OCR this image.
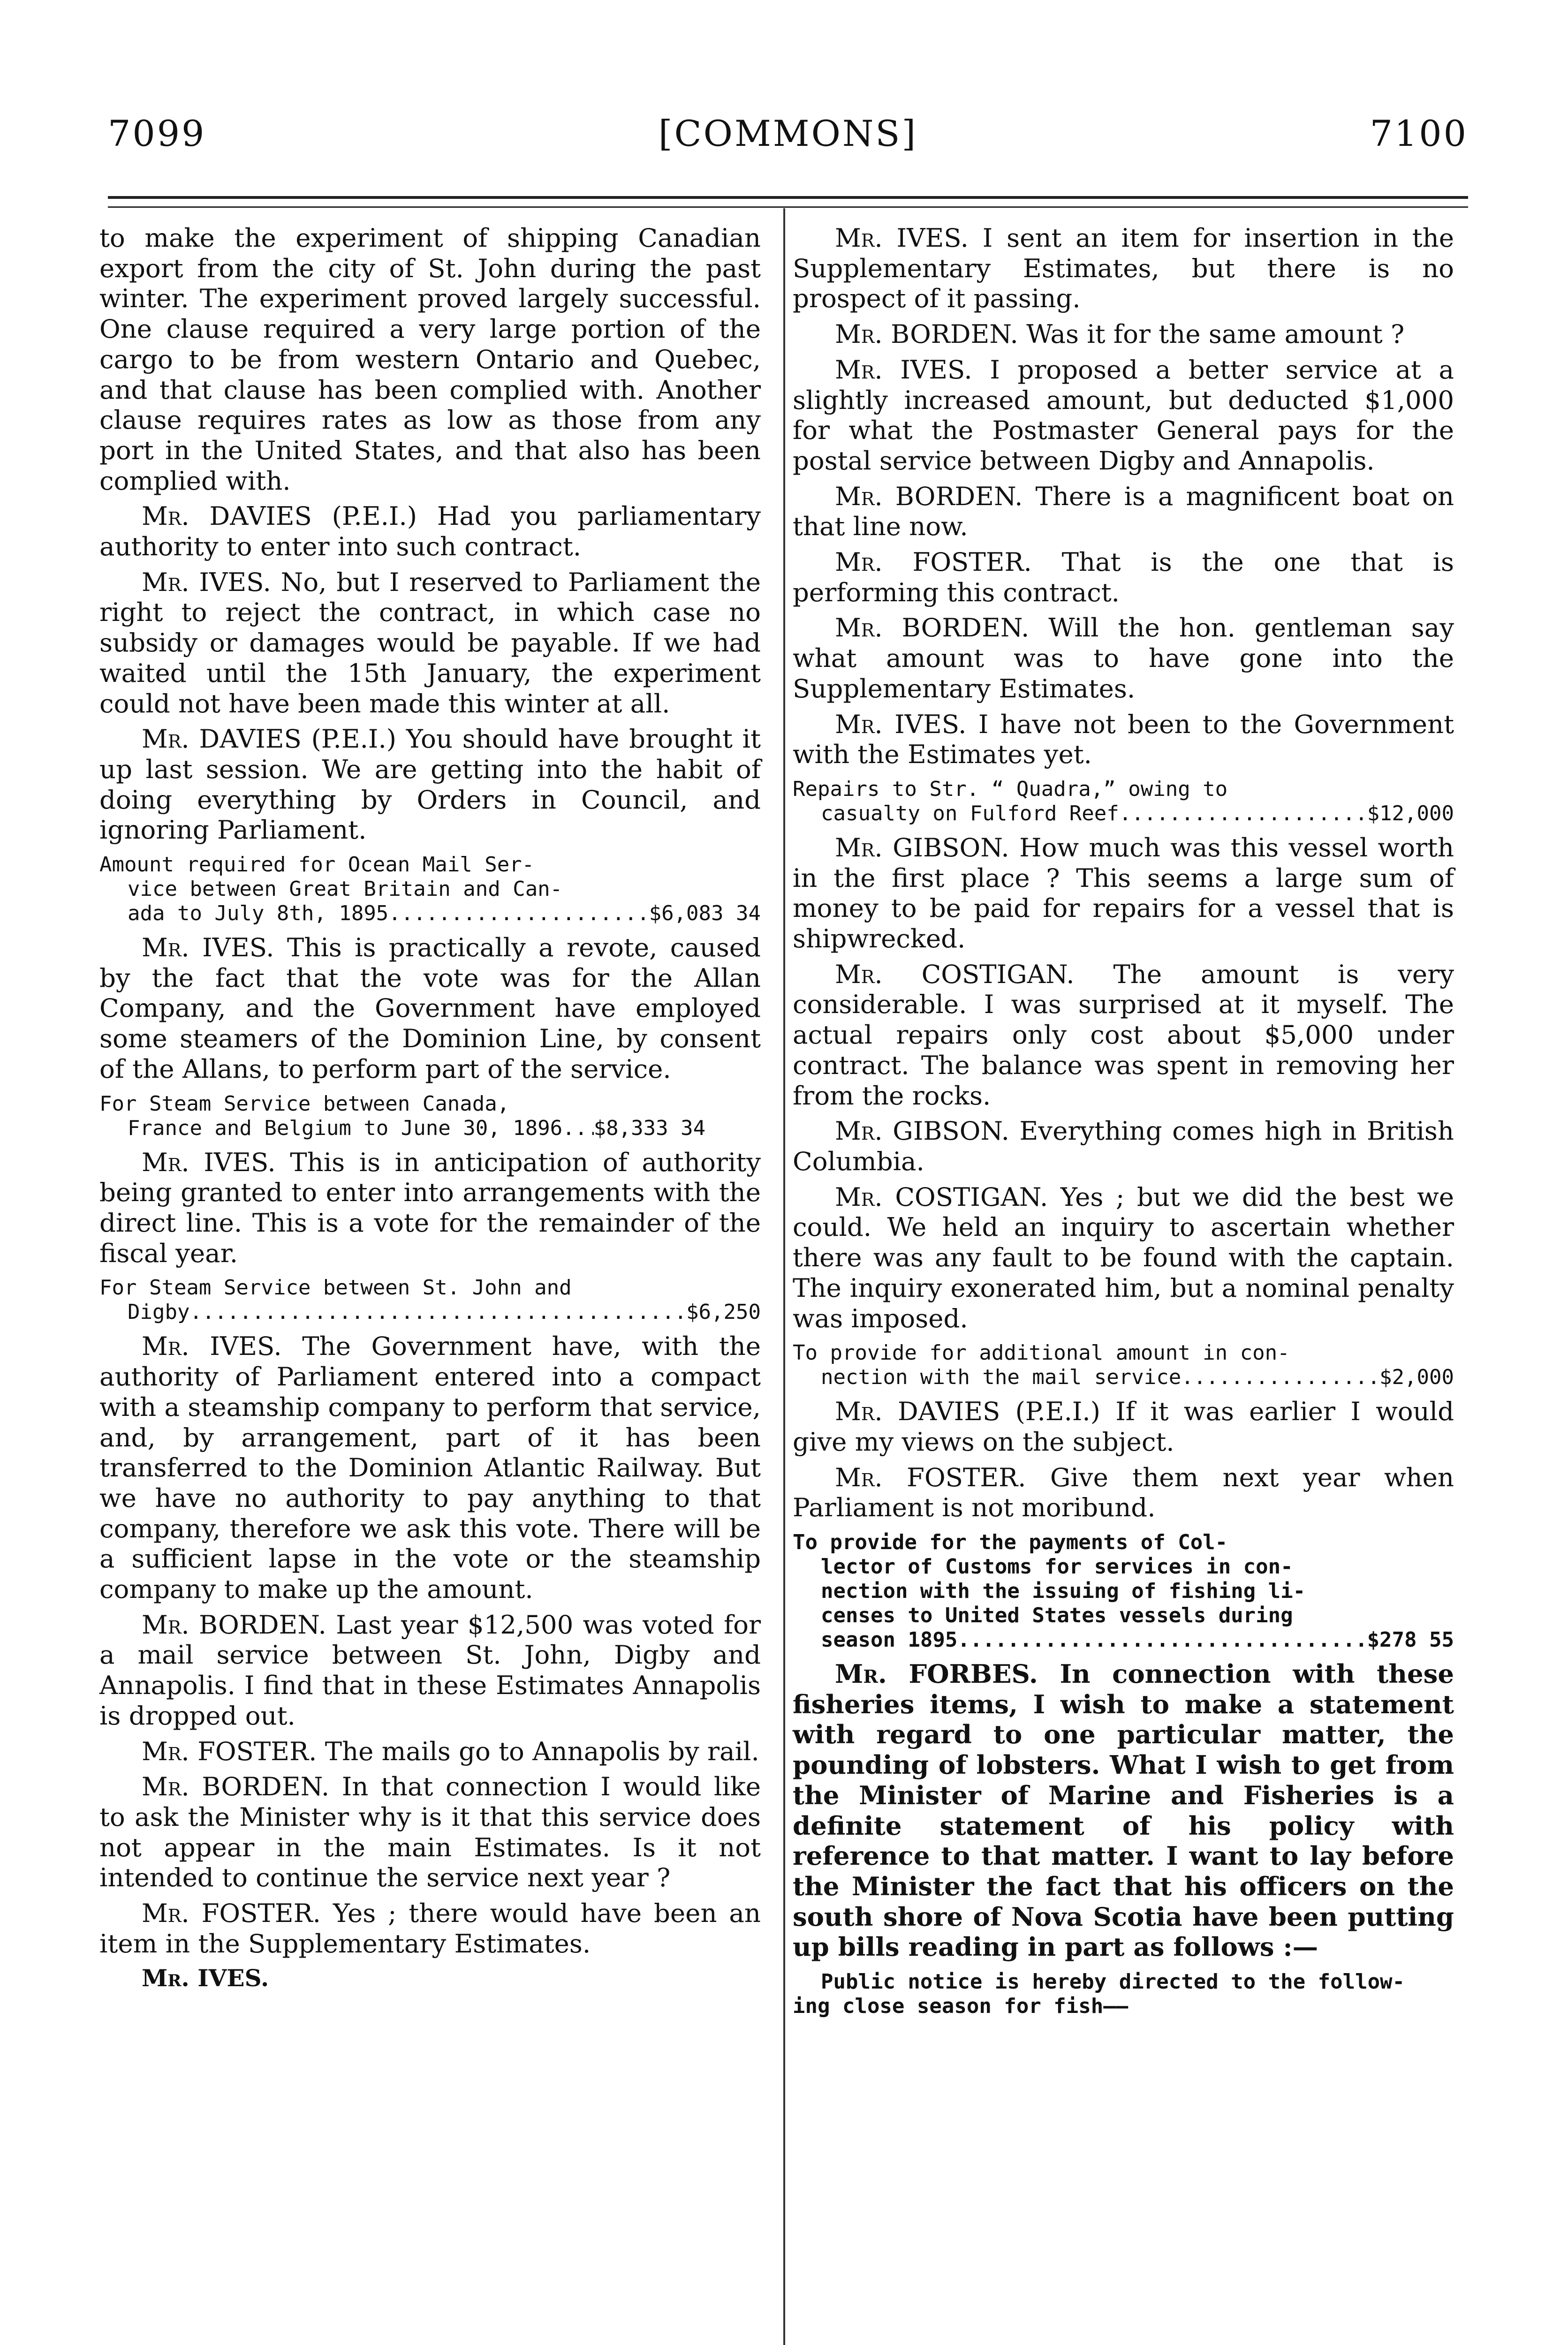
7099	[COMMONS]	7100

to make the experiment of shipping Canadian export from the city of St. John during the past winter. The experiment proved largely successful. One clause required a very large portion of the cargo to be from western Ontario and Quebec, and that clause has been complied with. Another clause requires rates as low as those from any port in the United States, and that also has been complied with.

Mr. DAVIES (P.E.I.) Had you parliamentary authority to enter into such contract.

Mr. IVES. No, but I reserved to Parliament the right to reject the contract, in which case no subsidy or damages would be payable. If we had waited until the 15th January, the experiment could not have been made this winter at all.

Mr. DAVIES (P.E.I.) You should have brought it up last session. We are getting into the habit of doing everything by Orders in Council, and ignoring Parliament.

Amount required for Ocean Mail Ser-
vice between Great Britain and Can-
ada to July 8th, 1895 .....	$6,083 34

Mr. IVES. This is practically a revote, caused by the fact that the vote was for the Allan Company, and the Government have employed some steamers of the Dominion Line, by consent of the Allans, to perform part of the service.

For Steam Service between Canada,
France and Belgium to June 30, 1896. ..... $8,333 34

Mr. IVES. This is in anticipation of authority being granted to enter into arrangements with the direct line. This is a vote for the remainder of the fiscal year.

For Steam Service between St. John and
Digby .....	$6,250

Mr. IVES. The Government have, with the authority of Parliament entered into a compact with a steamship company to perform that service, and, by arrangement, part of it has been transferred to the Dominion Atlantic Railway. But we have no authority to pay anything to that company, therefore we ask this vote. There will be a sufficient lapse in the vote or the steamship company to make up the amount.

Mr. BORDEN. Last year $12,500 was voted for a mail service between St. John, Digby and Annapolis. I find that in these Estimates Annapolis is dropped out.

Mr. FOSTER. The mails go to Annapolis by rail.

Mr. BORDEN. In that connection I would like to ask the Minister why is it that this service does not appear in the main Estimates. Is it not intended to continue the service next year ?

Mr. FOSTER. Yes ; there would have been an item in the Supplementary Estimates.

Mr. IVES.

Mr. IVES. I sent an item for insertion in the Supplementary Estimates, but there is no prospect of it passing.

Mr. BORDEN. Was it for the same amount ?

Mr. IVES. I proposed a better service at a slightly increased amount, but deducted $1,000 for what the Postmaster General pays for the postal service between Digby and Annapolis.

Mr. BORDEN. There is a magnificent boat on that line now.

Mr. FOSTER. That is the one that is performing this contract.

Mr. BORDEN. Will the hon. gentleman say what amount was to have gone into the Supplementary Estimates.

Mr. IVES. I have not been to the Government with the Estimates yet.

Repairs to Str. “ Quadra,” owing to
casualty on Fulford Reef .....	$12,000

Mr. GIBSON. How much was this vessel worth in the first place ? This seems a large sum of money to be paid for repairs for a vessel that is shipwrecked.

Mr. COSTIGAN. The amount is very considerable. I was surprised at it myself. The actual repairs only cost about $5,000 under contract. The balance was spent in removing her from the rocks.

Mr. GIBSON. Everything comes high in British Columbia.

Mr. COSTIGAN. Yes ; but we did the best we could. We held an inquiry to ascertain whether there was any fault to be found with the captain. The inquiry exonerated him, but a nominal penalty was imposed.

To provide for additional amount in con-
nection with the mail service .....	$2,000

Mr. DAVIES (P.E.I.) If it was earlier I would give my views on the subject.

Mr. FOSTER. Give them next year when Parliament is not moribund.

To provide for the payments of Col-
lector of Customs for services in con-
nection with the issuing of fishing li-
censes to United States vessels during
season 1895 .....	$278 55

Mr. FORBES. In connection with these fisheries items, I wish to make a statement with regard to one particular matter, the pounding of lobsters. What I wish to get from the Minister of Marine and Fisheries is a definite statement of his policy with reference to that matter. I want to lay before the Minister the fact that his officers on the south shore of Nova Scotia have been putting up bills reading in part as follows :—

Public notice is hereby directed to the follow-
ing close season for fish——
